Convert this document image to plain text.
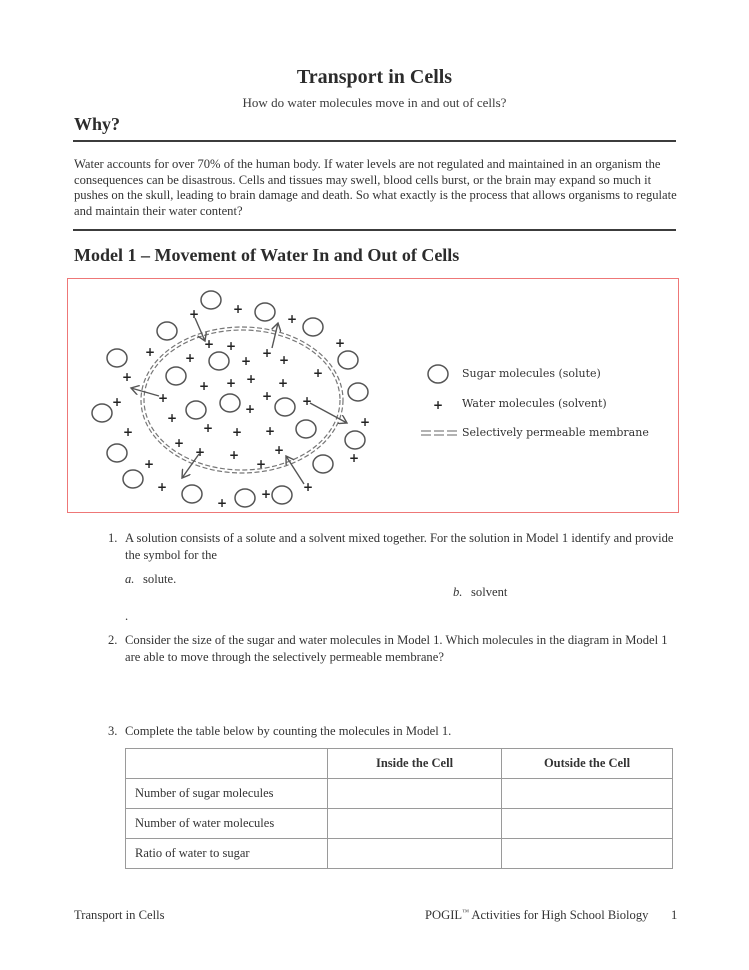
Transport in Cells
How do water molecules move in and out of cells?
Why?
Water accounts for over 70% of the human body. If water levels are not regulated and maintained in an organism the consequences can be disastrous. Cells and tissues may swell, blood cells burst, or the brain may expand so much it pushes on the skull, leading to brain damage and death. So what exactly is the process that allows organisms to regulate and maintain their water content?
Model 1 – Movement of Water In and Out of Cells
+
+	+
+
+ +
+	+
+	+ +
+	+
+ + + +
+
+	+ +
+
+	+
+	+ + +
+
+ +	+
+
+	+
+	+
+
+
+
Sugar molecules (solute)
Water molecules (solvent)
Selectively permeable membrane
1. A solution consists of a solute and a solvent mixed together. For the solution in Model 1 identify and provide the symbol for the
a. solute.
b. solvent
.
2. Consider the size of the sugar and water molecules in Model 1. Which molecules in the diagram in Model 1 are able to move through the selectively permeable membrane?
3. Complete the table below by counting the molecules in Model 1.
	Inside the Cell	Outside the Cell
Number of sugar molecules		
Number of water molecules		
Ratio of water to sugar		
Transport in Cells	POGIL™ Activities for High School Biology 1
